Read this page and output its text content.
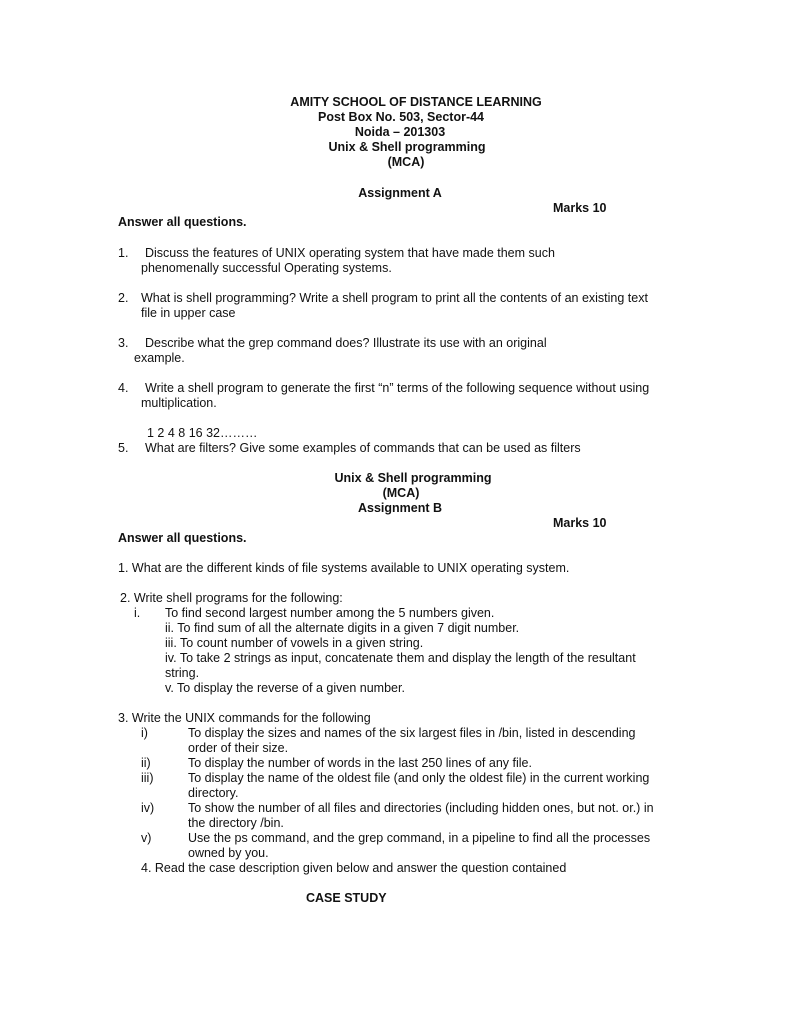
AMITY SCHOOL OF DISTANCE LEARNING
Post Box No. 503, Sector-44
Noida – 201303
Unix & Shell programming
(MCA)
Assignment A
Marks 10
Answer all questions.
1. Discuss the features of UNIX operating system that have made them such
phenomenally successful Operating systems.
2. What is shell programming? Write a shell program to print all the contents of an existing text
file in upper case
3. Describe what the grep command does? Illustrate its use with an original
example.
4. Write a shell program to generate the first “n” terms of the following sequence without using
multiplication.
1 2 4 8 16 32………
5. What are filters? Give some examples of commands that can be used as filters
Unix & Shell programming
(MCA)
Assignment B
Marks 10
Answer all questions.
1. What are the different kinds of file systems available to UNIX operating system.
2. Write shell programs for the following:
i. To find second largest number among the 5 numbers given.
ii. To find sum of all the alternate digits in a given 7 digit number.
iii. To count number of vowels in a given string.
iv. To take 2 strings as input, concatenate them and display the length of the resultant
string.
v. To display the reverse of a given number.
3. Write the UNIX commands for the following
i)	To display the sizes and names of the six largest files in /bin, listed in descending
order of their size.
ii)	To display the number of words in the last 250 lines of any file.
iii)	To display the name of the oldest file (and only the oldest file) in the current working
directory.
iv)	To show the number of all files and directories (including hidden ones, but not. or.) in
the directory /bin.
v)	Use the ps command, and the grep command, in a pipeline to find all the processes
owned by you.
4. Read the case description given below and answer the question contained
CASE STUDY
